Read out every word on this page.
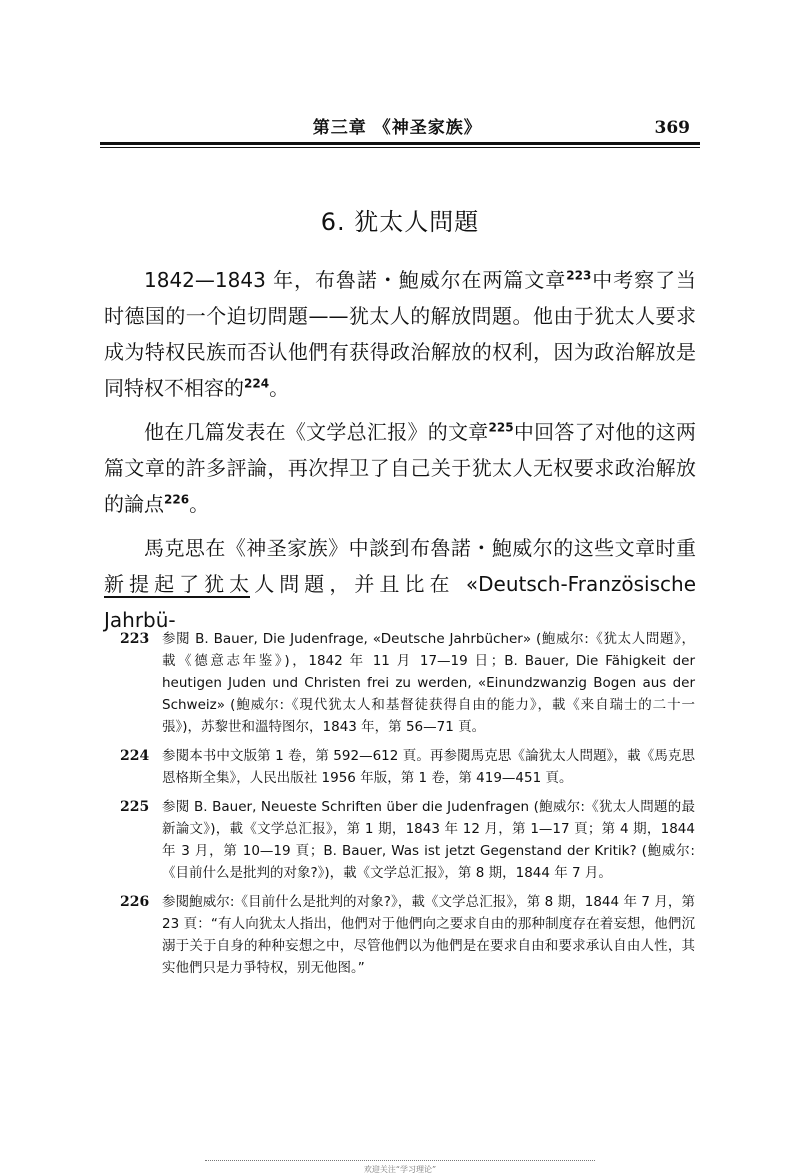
第三章 《神圣家族》	369
6. 犹太人問題

1842—1843 年，布魯諾・鮑威尔在两篇文章$^{223}$中考察了当时德国的一个迫切問題——犹太人的解放問題。他由于犹太人要求成为特权民族而否认他們有获得政治解放的权利，因为政治解放是同特权不相容的$^{224}$。

他在几篇发表在《文学总汇报》的文章$^{225}$中回答了对他的这两篇文章的許多評論，再次捍卫了自己关于犹太人无权要求政治解放的論点$^{226}$。

馬克思在《神圣家族》中談到布魯諾・鮑威尔的这些文章时重新提起了犹太人問題，并且比在 «Deutsch-Französische Jahrbü-

223 参閱 B. Bauer, Die Judenfrage, «Deutsche Jahrbücher» (鮑威尔:《犹太人問題》，載《德意志年鉴》)，1842 年 11 月 17—19 日；B. Bauer, Die Fähigkeit der heutigen Juden und Christen frei zu werden, «Einundzwanzig Bogen aus der Schweiz» (鮑威尔:《現代犹太人和基督徒获得自由的能力》，載《来自瑞士的二十一張》)，苏黎世和溫特图尔，1843 年，第 56—71 頁。
224 参閱本书中文版第 1 卷，第 592—612 頁。再参閱馬克思《論犹太人問題》，載《馬克思恩格斯全集》，人民出版社 1956 年版，第 1 卷，第 419—451 頁。
225 参閱 B. Bauer, Neueste Schriften über die Judenfragen (鮑威尔:《犹太人問題的最新論文》)，載《文学总汇报》，第 1 期，1843 年 12 月，第 1—17 頁；第 4 期，1844 年 3 月，第 10—19 頁；B. Bauer, Was ist jetzt Gegenstand der Kritik? (鮑威尔:《目前什么是批判的对象?》)，載《文学总汇报》，第 8 期，1844 年 7 月。
226 参閱鮑威尔:《目前什么是批判的对象?》，載《文学总汇报》，第 8 期，1844 年 7 月，第 23 頁：“有人向犹太人指出，他們对于他們向之要求自由的那种制度存在着妄想，他們沉溺于关于自身的种种妄想之中，尽管他們以为他們是在要求自由和要求承认自由人性，其实他們只是力爭特权，别无他图。”
欢迎关注“学习理论”
